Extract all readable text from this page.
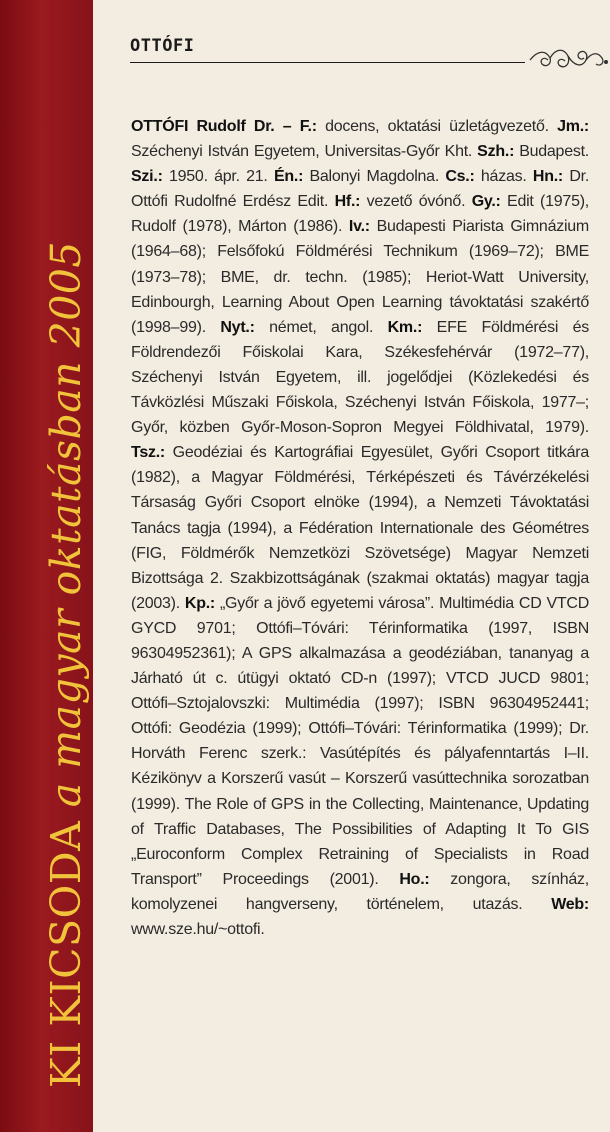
KI KICSODA a magyar oktatásban 2005
OTTÓFI

OTTÓFI Rudolf Dr. – F.: docens, oktatási üzletágvezető. Jm.: Széchenyi István Egyetem, Universitas-Győr Kht. Szh.: Budapest. Szi.: 1950. ápr. 21. Én.: Balonyi Magdolna. Cs.: házas. Hn.: Dr. Ottófi Rudolfné Erdész Edit. Hf.: vezető óvónő. Gy.: Edit (1975), Rudolf (1978), Márton (1986). Iv.: Budapesti Piarista Gimnázium (1964–68); Felsőfokú Földmérési Technikum (1969–72); BME (1973–78); BME, dr. techn. (1985); Heriot-Watt University, Edinbourgh, Learning About Open Learning távoktatási szakértő (1998–99). Nyt.: német, angol. Km.: EFE Földmérési és Földrendezői Főiskolai Kara, Székesfehérvár (1972–77), Széchenyi István Egyetem, ill. jogelődjei (Közlekedési és Távközlési Műszaki Főiskola, Széchenyi István Főiskola, 1977–; Győr, közben Győr-Moson-Sopron Megyei Földhivatal, 1979). Tsz.: Geodéziai és Kartográfiai Egyesület, Győri Csoport titkára (1982), a Magyar Földmérési, Térképészeti és Távérzékelési Társaság Győri Csoport elnöke (1994), a Nemzeti Távoktatási Tanács tagja (1994), a Fédération Internationale des Géométres (FIG, Földmérők Nemzetközi Szövetsége) Magyar Nemzeti Bizottsága 2. Szakbizottságának (szakmai oktatás) magyar tagja (2003). Kp.: „Győr a jövő egyetemi városa”. Multimédia CD VTCD GYCD 9701; Ottófi–Tóvári: Térinformatika (1997, ISBN 96304952361); A GPS alkalmazása a geodéziában, tananyag a Járható út c. útügyi oktató CD-n (1997); VTCD JUCD 9801; Ottófi–Sztojalovszki: Multimédia (1997); ISBN 96304952441; Ottófi: Geodézia (1999); Ottófi–Tóvári: Térinformatika (1999); Dr. Horváth Ferenc szerk.: Vasútépítés és pályafenntartás I–II. Kézikönyv a Korszerű vasút – Korszerű vasúttechnika sorozatban (1999). The Role of GPS in the Collecting, Maintenance, Updating of Traffic Databases, The Possibilities of Adapting It To GIS „Euroconform Complex Retraining of Specialists in Road Transport” Proceedings (2001). Ho.: zongora, színház, komolyzenei hangverseny, történelem, utazás. Web: www.sze.hu/~ottofi.
